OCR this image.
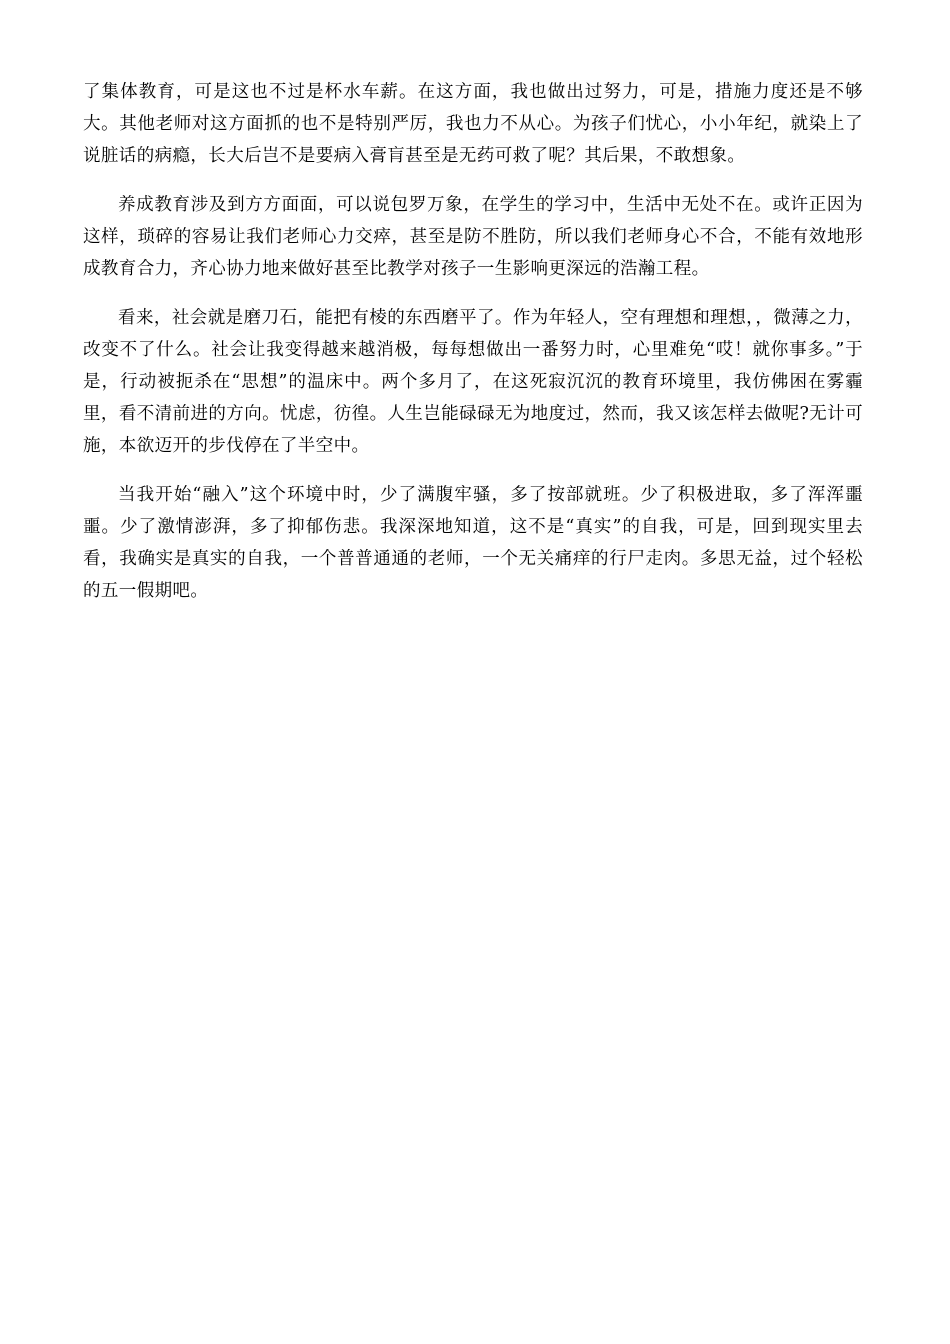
了集体教育，可是这也不过是杯水车薪。在这方面，我也做出过努力，可是，措施力度还是不够大。其他老师对这方面抓的也不是特别严厉，我也力不从心。为孩子们忧心，小小年纪，就染上了说脏话的病瘾，长大后岂不是要病入膏肓甚至是无药可救了呢？其后果，不敢想象。

养成教育涉及到方方面面，可以说包罗万象，在学生的学习中，生活中无处不在。或许正因为这样，琐碎的容易让我们老师心力交瘁，甚至是防不胜防，所以我们老师身心不合，不能有效地形成教育合力，齐心协力地来做好甚至比教学对孩子一生影响更深远的浩瀚工程。

看来，社会就是磨刀石，能把有棱的东西磨平了。作为年轻人，空有理想和理想，，微薄之力，改变不了什么。社会让我变得越来越消极，每每想做出一番努力时，心里难免“哎！就你事多。”于是，行动被扼杀在“思想”的温床中。两个多月了，在这死寂沉沉的教育环境里，我仿佛困在雾霾里，看不清前进的方向。忧虑，彷徨。人生岂能碌碌无为地度过，然而，我又该怎样去做呢?无计可施，本欲迈开的步伐停在了半空中。

当我开始“融入”这个环境中时，少了满腹牢骚，多了按部就班。少了积极进取，多了浑浑噩噩。少了激情澎湃，多了抑郁伤悲。我深深地知道，这不是“真实”的自我，可是，回到现实里去看，我确实是真实的自我，一个普普通通的老师，一个无关痛痒的行尸走肉。多思无益，过个轻松的五一假期吧。
